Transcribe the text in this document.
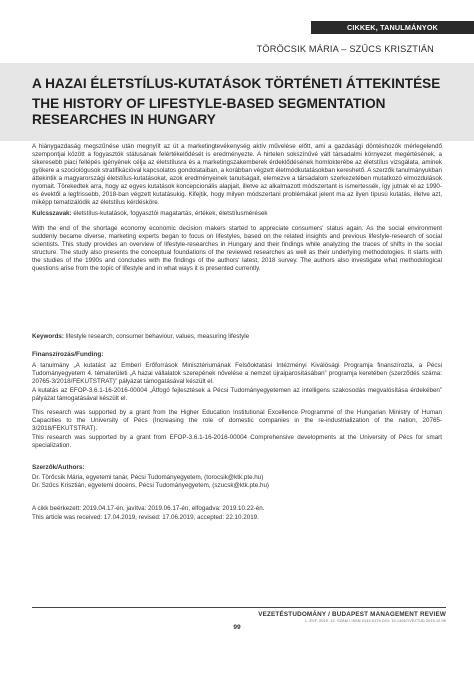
CIKKEK, TANULMÁNYOK
TÖRÖCSIK MÁRIA – SZŰCS KRISZTIÁN
A HAZAI ÉLETSTÍLUS-KUTATÁSOK TÖRTÉNETI ÁTTEKINTÉSE
THE HISTORY OF LIFESTYLE-BASED SEGMENTATION RESEARCHES IN HUNGARY
A hiánygazdaság megszűnése után megnyílt az út a marketingtevékenység aktív művelése előtt, ami a gazdasági döntéshozók mérlegelendő szempontjai között a fogyasztók státusának felértékelődését is eredményezte. A hirtelen sokszínűvé vált társadalmi környezet megértésének, a sikeresebb piaci fellépés igényének célja az életstílusra és a marketingszakemberek érdeklődésének homlokterébe az életstílus vizsgálata, aminek gyökere a szociológusok stratifikációval kapcsolatos gondolataiban, a korábban végzett életmódkutatásokban kereshető. A szerzők tanulmányukban áttekintik a magyarországi életstílus-kutatásokat, azok eredményeinek tanulságait, elemezve a társadalom szerkezetében mutatkozó elmozdulások nyomait. Törekedtek arra, hogy az egyes kutatások koncepcionális alapjait, illetve az alkalmazott módszertant is ismertessék, így jutnak el az 1990-es évektől a legfrissebb, 2018-ban végzett kutatásukig. Kifejtik, hogy milyen módszertani problémákat jelent ma az ilyen típusú kutatás, illetve azt, miképp tematizálódik az életstílus kérdésköre.
Kulcsszavak: életstílus-kutatások, fogyasztói magatartás, értékek, életstílusmérések
With the end of the shortage economy economic decision makers started to appreciate consumers' status again. As the social environment suddenly became diverse, marketing experts began to focus on lifestyles, based on the related insights and previous lifestyle-research of social scientists. This study provides an overview of lifestyle-researches in Hungary and their findings while analyzing the traces of shifts in the social structure. The study also presents the conceptual foundations of the reviewed researches as well as their underlying methodologies. It starts with the studies of the 1990s and concludes with the findings of the authors' latest, 2018 survey. The authors also investigate what methodological questions arise from the topic of lifestyle and in what ways it is presented currently.
Keywords: lifestyle research, consumer behaviour, values, measuring lifestyle
Finanszírozás/Funding:
A tanulmány „A kutatást az Emberi Erőforrások Minisztériumának Felsőoktatási Intézményi Kiválósági Programja finanszírozta, a Pécsi Tudományegyetem 4. tématerületi „A hazai vállalatok szerepének növelése a nemzet újraiparosításában” programja keretében (szerződés száma: 20765-3/2018/FEKUTSTRAT)” pályázat támogatásával készült el.
A kutatás az EFOP-3.6.1-16-2016-00004 „Átfogó fejlesztések a Pécsi Tudományegyetemen az intelligens szakosodás megvalósítása érdekében” pályázat támogatásával készült el.
This research was supported by a grant from the Higher Education Institutional Excellence Programme of the Hungarian Ministry of Human Capacities to the University of Pécs (Increasing the role of domestic companies in the re-industrialization of the nation, 20765-3/2018/FEKUTSTRAT).
This research was supported by a grant from EFOP-3.6.1-16-2016-00004 Comprehensive developments at the University of Pécs for smart specialization.
Szerzők/Authors:
Dr. Törőcsik Mária, egyetemi tanár, Pécsi Tudományegyetem, (torocsik@ktk.pte.hu)
Dr. Szűcs Krisztián, egyetemi docens, Pécsi Tudományegyetem, (szucsk@ktk.pte.hu)
A cikk beérkezett: 2019.04.17-én, javítva: 2019.06.17-én, elfogadva: 2019.10.22-én.
This article was received: 17.04.2019, revised: 17.06.2019, accepted: 22.10.2019.
VEZETÉSTUDOMÁNY / BUDAPEST MANAGEMENT REVIEW
L. ÉVF. 2019. 12. SZÁM / ISSN 0133-0179 DOI: 10.14267/VEZTUD.2019.12.09
99
